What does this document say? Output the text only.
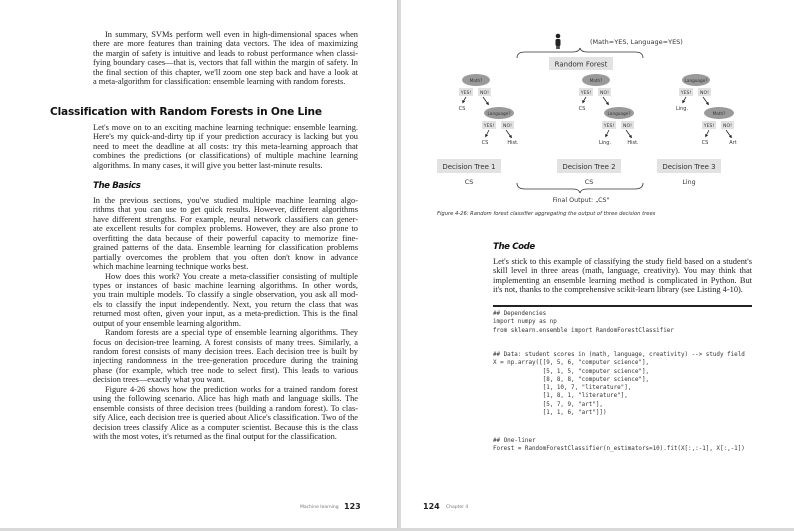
In summary, SVMs perform well even in high-dimensional spaces when
there are more features than training data vectors. The idea of maximizing
the margin of safety is intuitive and leads to robust performance when classi-
fying boundary cases—that is, vectors that fall within the margin of safety. In
the final section of this chapter, we'll zoom one step back and have a look at
a meta-algorithm for classification: ensemble learning with random forests.
Classification with Random Forests in One Line
Let's move on to an exciting machine learning technique: ensemble learning.
Here's my quick-and-dirty tip if your prediction accuracy is lacking but you
need to meet the deadline at all costs: try this meta-learning approach that
combines the predictions (or classifications) of multiple machine learning
algorithms. In many cases, it will give you better last-minute results.
The Basics
In the previous sections, you've studied multiple machine learning algo-
rithms that you can use to get quick results. However, different algorithms
have different strengths. For example, neural network classifiers can gener-
ate excellent results for complex problems. However, they are also prone to
overfitting the data because of their powerful capacity to memorize fine-
grained patterns of the data. Ensemble learning for classification problems
partially overcomes the problem that you often don't know in advance
which machine learning technique works best.
How does this work? You create a meta-classifier consisting of multiple
types or instances of basic machine learning algorithms. In other words,
you train multiple models. To classify a single observation, you ask all mod-
els to classify the input independently. Next, you return the class that was
returned most often, given your input, as a meta-prediction. This is the final
output of your ensemble learning algorithm.
Random forests are a special type of ensemble learning algorithms. They
focus on decision-tree learning. A forest consists of many trees. Similarly, a
random forest consists of many decision trees. Each decision tree is built by
injecting randomness in the tree-generation procedure during the training
phase (for example, which tree node to select first). This leads to various
decision trees—exactly what you want.
Figure 4-26 shows how the prediction works for a trained random forest
using the following scenario. Alice has high math and language skills. The
ensemble consists of three decision trees (building a random forest). To clas-
sify Alice, each decision tree is queried about Alice's classification. Two of the
decision trees classify Alice as a computer scientist. Because this is the class
with the most votes, it's returned as the final output for the classification.
Machine learning 123
(Math=YES, Language=YES)
Random Forest
Math?
YES! NO!
CS
Language?
YES! NO!
CS	Hist.
Decision Tree 1
CS
Math?
YES! NO!
CS
Language?
YES! NO!
Ling.	Hist.
Decision Tree 2
CS
Language?
YES! NO!
Ling.
Math?
YES! NO!
CS	Art
Decision Tree 3
Ling
Final Output: „CS"
Figure 4-26: Random forest classifier aggregating the output of three decision trees
The Code
Let's stick to this example of classifying the study field based on a student's
skill level in three areas (math, language, creativity). You may think that
implementing an ensemble learning method is complicated in Python. But
it's not, thanks to the comprehensive scikit-learn library (see Listing 4-10).
## Dependencies
import numpy as np
from sklearn.ensemble import RandomForestClassifier
## Data: student scores in (math, language, creativity) --> study field
X = np.array([[9, 5, 6, "computer science"],
[5, 1, 5, "computer science"],
[8, 8, 8, "computer science"],
[1, 10, 7, "literature"],
[1, 8, 1, "literature"],
[5, 7, 9, "art"],
[1, 1, 6, "art"]])
## One-liner
Forest = RandomForestClassifier(n_estimators=10).fit(X[:,:-1], X[:,-1])
124 Chapter 4
